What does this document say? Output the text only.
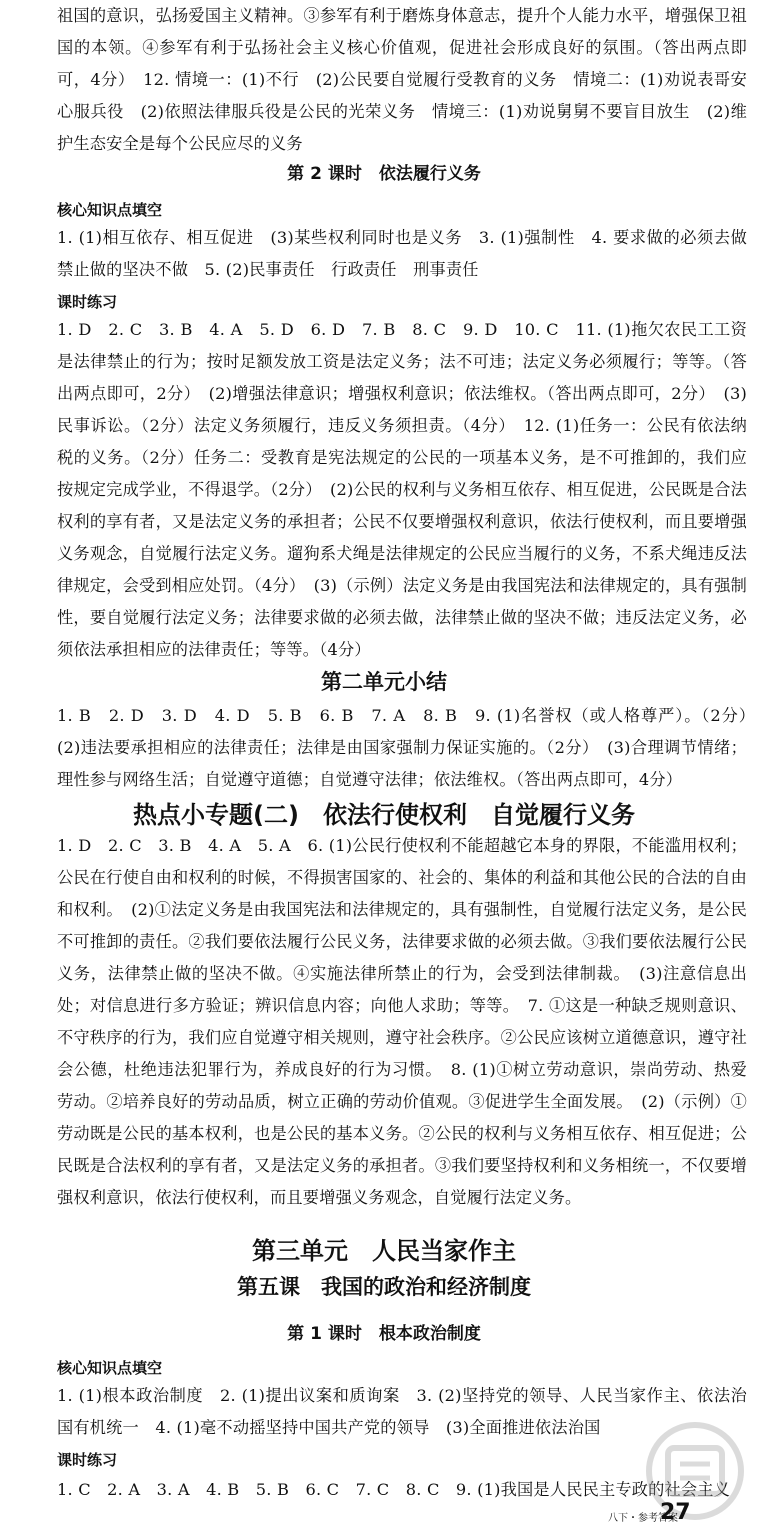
祖国的意识，弘扬爱国主义精神。③参军有利于磨炼身体意志，提升个人能力水平，增强保卫祖国的本领。④参军有利于弘扬社会主义核心价值观，促进社会形成良好的氛围。（答出两点即可，4分）　12. 情境一：(1)不行　(2)公民要自觉履行受教育的义务　情境二：(1)劝说表哥安心服兵役　(2)依照法律服兵役是公民的光荣义务　情境三：(1)劝说舅舅不要盲目放生　(2)维护生态安全是每个公民应尽的义务
第 2 课时　依法履行义务
核心知识点填空
1. (1)相互依存、相互促进　(3)某些权利同时也是义务　3. (1)强制性　4. 要求做的必须去做　禁止做的坚决不做　5. (2)民事责任　行政责任　刑事责任
课时练习
1. D　2. C　3. B　4. A　5. D　6. D　7. B　8. C　9. D　10. C　11. (1)拖欠农民工工资是法律禁止的行为；按时足额发放工资是法定义务；法不可违；法定义务必须履行；等等。（答出两点即可，2分）　(2)增强法律意识；增强权利意识；依法维权。（答出两点即可，2分）　(3)民事诉讼。（2分）法定义务须履行，违反义务须担责。（4分）　12. (1)任务一：公民有依法纳税的义务。（2分）任务二：受教育是宪法规定的公民的一项基本义务，是不可推卸的，我们应按规定完成学业，不得退学。（2分）　(2)公民的权利与义务相互依存、相互促进，公民既是合法权利的享有者，又是法定义务的承担者；公民不仅要增强权利意识，依法行使权利，而且要增强义务观念，自觉履行法定义务。遛狗系犬绳是法律规定的公民应当履行的义务，不系犬绳违反法律规定，会受到相应处罚。（4分）　(3)（示例）法定义务是由我国宪法和法律规定的，具有强制性，要自觉履行法定义务；法律要求做的必须去做，法律禁止做的坚决不做；违反法定义务，必须依法承担相应的法律责任；等等。（4分）
第二单元小结
1. B　2. D　3. D　4. D　5. B　6. B　7. A　8. B　9. (1)名誉权（或人格尊严）。（2分）　(2)违法要承担相应的法律责任；法律是由国家强制力保证实施的。（2分）　(3)合理调节情绪；理性参与网络生活；自觉遵守道德；自觉遵守法律；依法维权。（答出两点即可，4分）
热点小专题(二)　依法行使权利　自觉履行义务
1. D　2. C　3. B　4. A　5. A　6. (1)公民行使权利不能超越它本身的界限，不能滥用权利；公民在行使自由和权利的时候，不得损害国家的、社会的、集体的利益和其他公民的合法的自由和权利。　(2)①法定义务是由我国宪法和法律规定的，具有强制性，自觉履行法定义务，是公民不可推卸的责任。②我们要依法履行公民义务，法律要求做的必须去做。③我们要依法履行公民义务，法律禁止做的坚决不做。④实施法律所禁止的行为，会受到法律制裁。　(3)注意信息出处；对信息进行多方验证；辨识信息内容；向他人求助；等等。　7. ①这是一种缺乏规则意识、不守秩序的行为，我们应自觉遵守相关规则，遵守社会秩序。②公民应该树立道德意识，遵守社会公德，杜绝违法犯罪行为，养成良好的行为习惯。　8. (1)①树立劳动意识，崇尚劳动、热爱劳动。②培养良好的劳动品质，树立正确的劳动价值观。③促进学生全面发展。　(2)（示例）①劳动既是公民的基本权利，也是公民的基本义务。②公民的权利与义务相互依存、相互促进；公民既是合法权利的享有者，又是法定义务的承担者。③我们要坚持权利和义务相统一，不仅要增强权利意识，依法行使权利，而且要增强义务观念，自觉履行法定义务。
第三单元　人民当家作主
第五课　我国的政治和经济制度
第 1 课时　根本政治制度
核心知识点填空
1. (1)根本政治制度　2. (1)提出议案和质询案　3. (2)坚持党的领导、人民当家作主、依法治国有机统一　4. (1)毫不动摇坚持中国共产党的领导　(3)全面推进依法治国
课时练习
1. C　2. A　3. A　4. B　5. B　6. C　7. C　8. C　9. (1)我国是人民民主专政的社会主义
八下・参考答案
27
